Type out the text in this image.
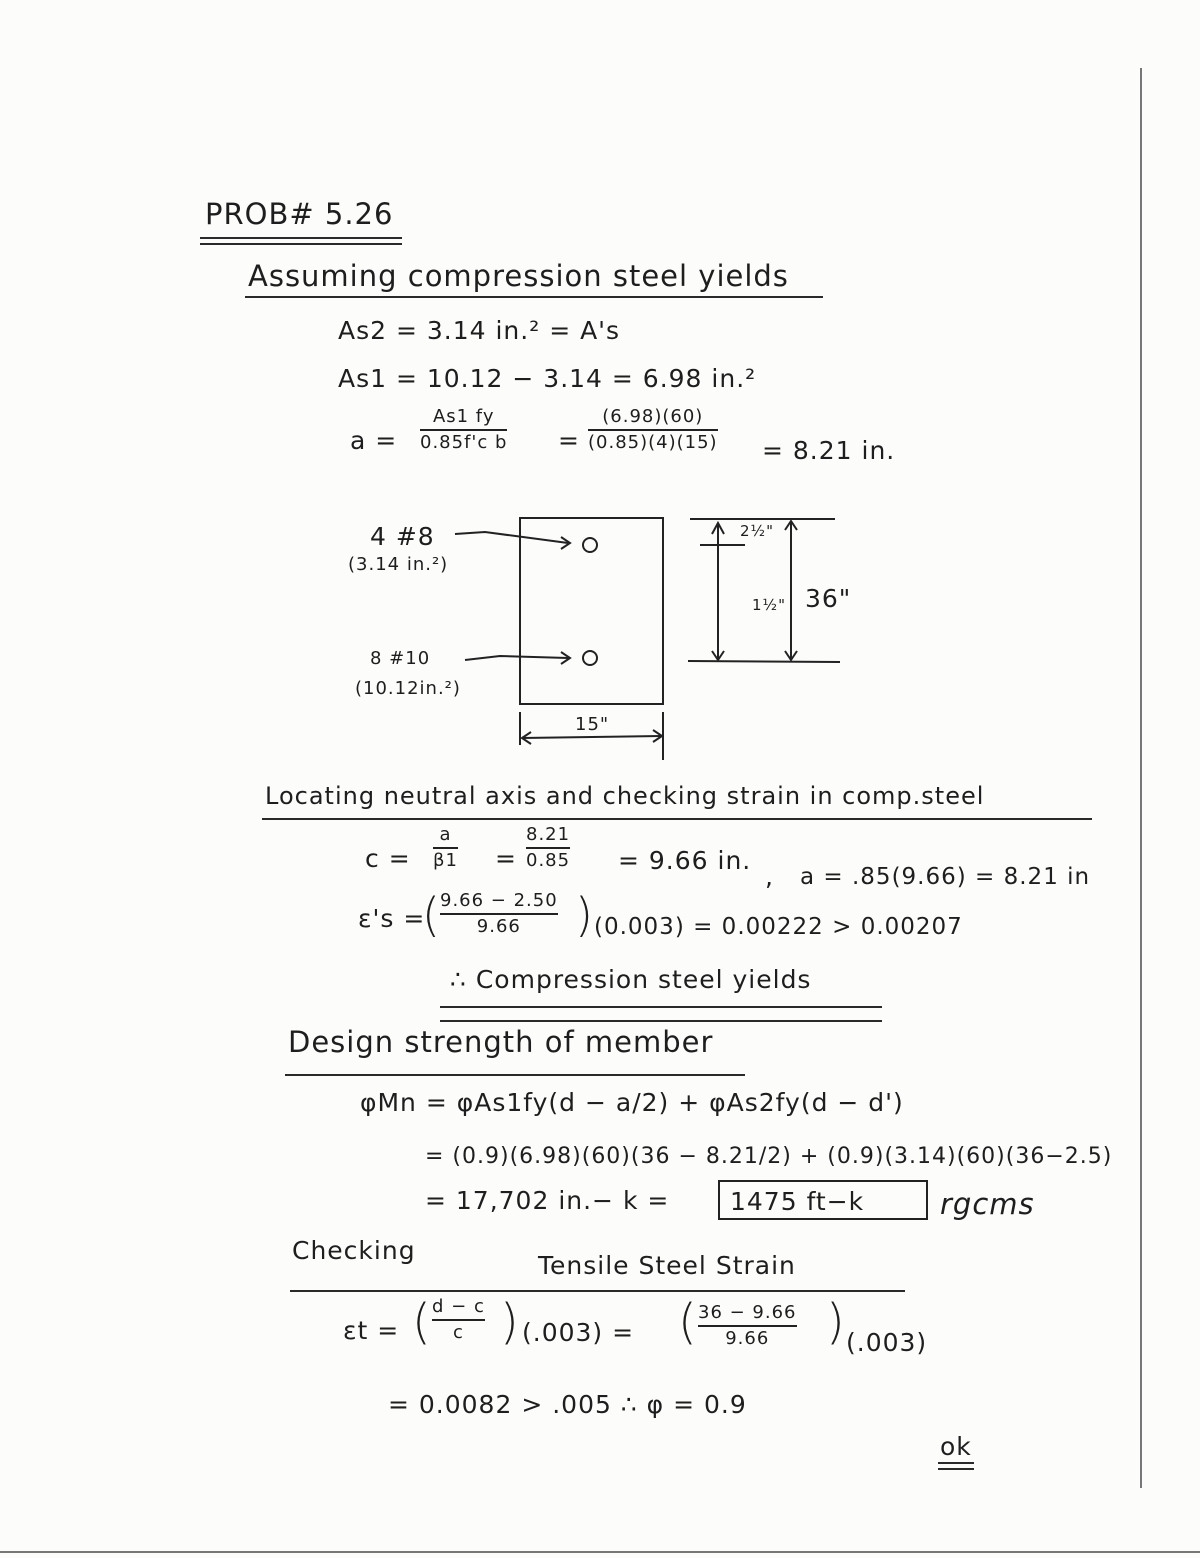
PROB# 5.26
Assuming compression steel yields
As2 = 3.14 in.² = A's
As1 = 10.12 − 3.14 = 6.98 in.²
a =
As1 fy
0.85f'c b =
(6.98)(60)
(0.85)(4)(15) = 8.21 in.
4 #8
(3.14 in.²)
8 #10
(10.12in.²)
15"
2½"
1½" 36"
Locating neutral axis and checking strain in comp.steel
c =
a
β1 =
8.21
0.85 = 9.66 in.
, a = .85(9.66) = 8.21 in
ε's =
( 9.66 − 2.50
9.66 ) (0.003) = 0.00222 > 0.00207
∴ Compression steel yields
Design strength of member
φMn = φAs1fy(d − a/2) + φAs2fy(d − d')
= (0.9)(6.98)(60)(36 − 8.21/2) + (0.9)(3.14)(60)(36−2.5)
= 17,702 in.− k =	1475 ft−k	rgcms
Checking
Tensile Steel Strain
εt = ( d − c
c ) (.003) = ( 36 − 9.66
9.66 ) (.003)
= 0.0082 > .005 ∴ φ = 0.9
ok
